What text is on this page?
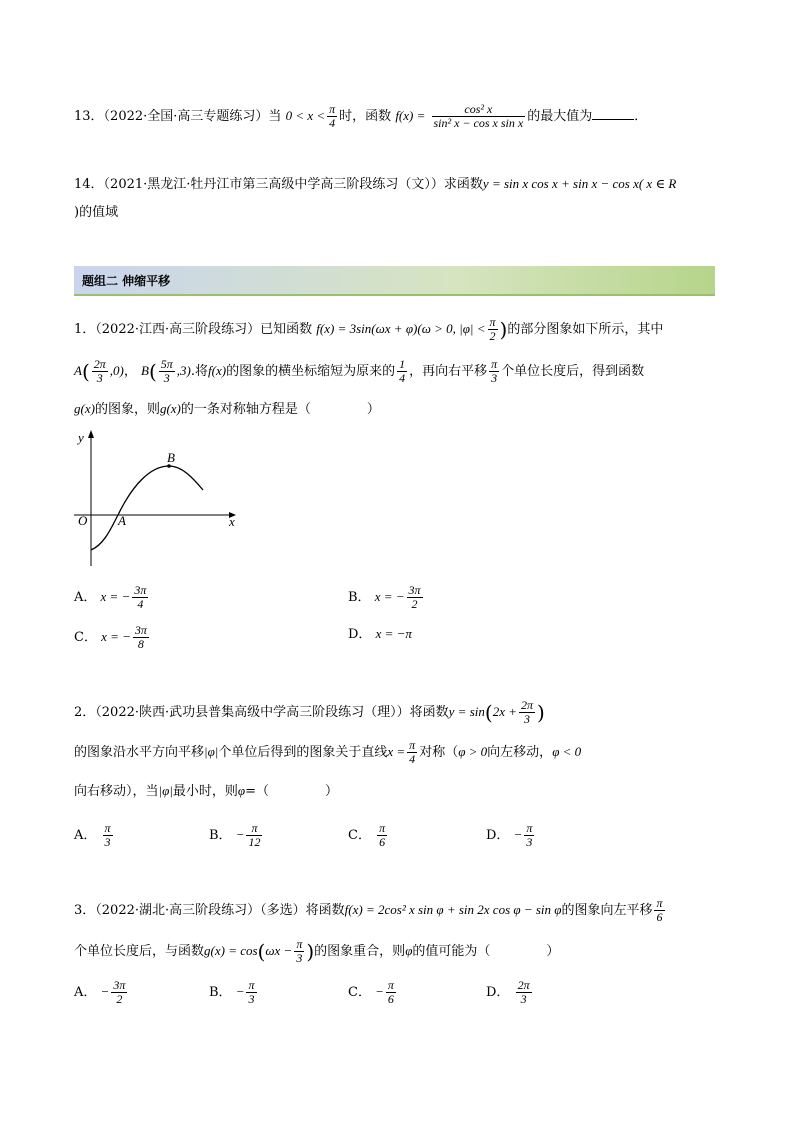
13．（2022·全国·高三专题练习）当 $0 < x < \frac{\pi}{4}$ 时，函数 $f(x) = \frac{\text{cos² x}}{\text{sin² x − cos x sin x}}$ 的最大值为	．
14．（2021·黑龙江·牡丹江市第三高级中学高三阶段练习（文））求函数y = sin x cos x + sin x − cos x( x ∈ R
)的值域
题组二 伸缩平移
1．（2022·江西·高三阶段练习）已知函数 f(x) = 3sin(ωx + φ)(ω > 0, $|\varphi| < \frac{\pi}{2}$ )的部分图象如下所示，其中
$A( \frac{2\pi}{3} ,0)$， $B( \frac{5\pi}{3} ,3)$.将f(x)的图象的横坐标缩短为原来的 $\frac{1}{4}$ ，再向右平移 $\frac{\pi}{3}$ 个单位长度后，得到函数
g(x)的图象，则g(x)的一条对称轴方程是（	）
y
x
O A
B
A． x = − $\frac{3\pi}{4}$	B． x = − $\frac{3\pi}{2}$
C． x = − $\frac{3\pi}{8}$	D． x = −π
2．（2022·陕西·武功县普集高级中学高三阶段练习（理））将函数$y = \sin(2x + \frac{2\pi}{3}$ )
的图象沿水平方向平移|φ|个单位后得到的图象关于直线$x = \frac{\pi}{4}$ 对称（φ > 0向左移动，φ < 0
向右移动），当|φ|最小时，则φ=（	）
A． $\frac{\pi}{3}$	B． − $\frac{\pi}{12}$	C． $\frac{\pi}{6}$	D． − $\frac{\pi}{3}$
3．（2022·湖北·高三阶段练习）（多选）将函数f(x) = 2cos² x sin φ + sin 2x cos φ − sin φ的图象向左平移 $\frac{\pi}{6}$
个单位长度后，与函数$g(x) = \cos(\omega x - \frac{\pi}{3}$ )的图象重合，则φ的值可能为（	）
A． − $\frac{3\pi}{2}$	B． − $\frac{\pi}{3}$	C． − $\frac{\pi}{6}$	D． $\frac{2\pi}{3}$
